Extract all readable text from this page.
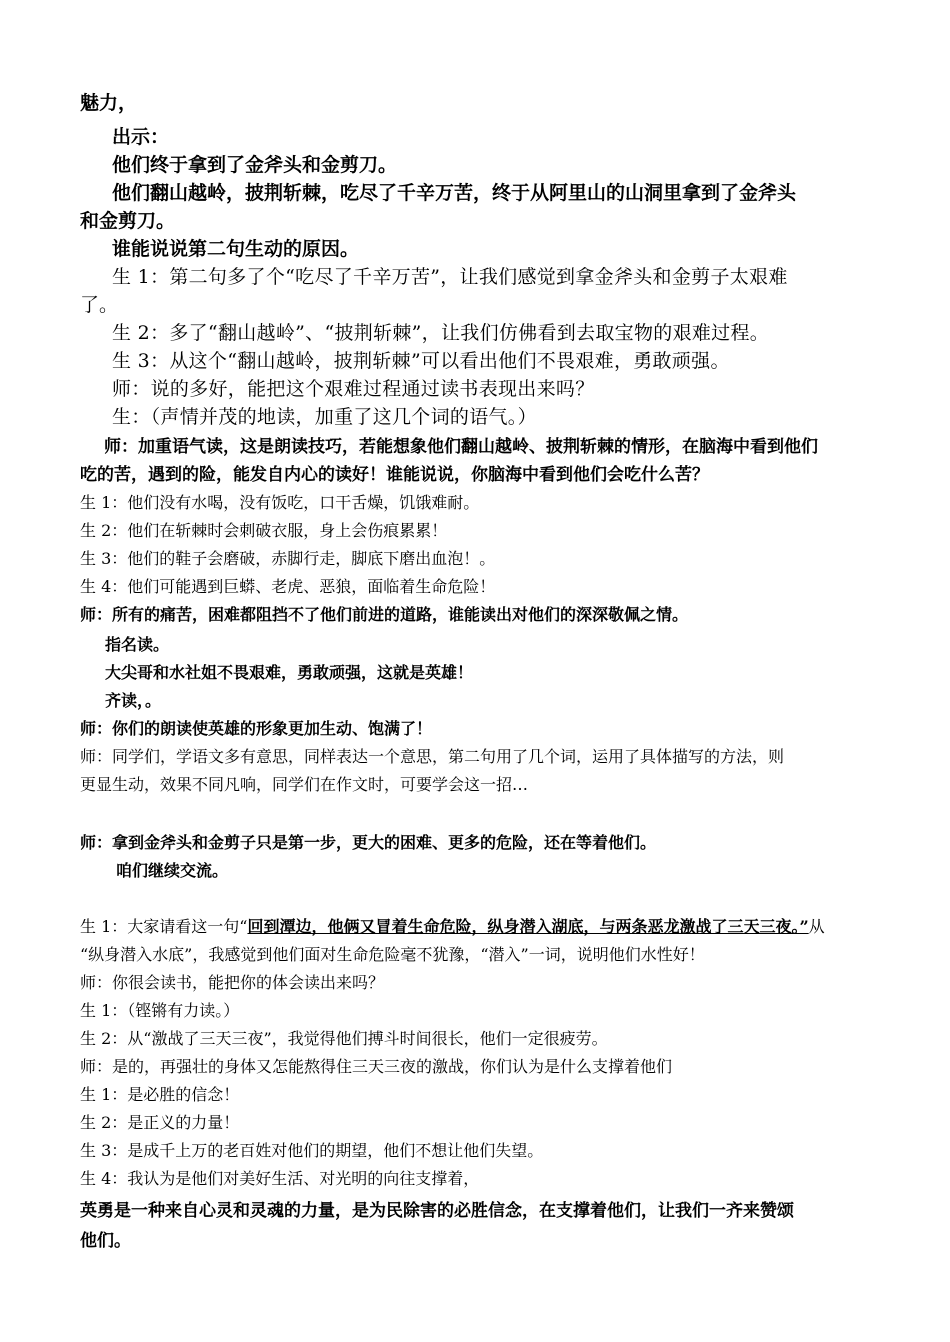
魅力，
出示：
他们终于拿到了金斧头和金剪刀。
他们翻山越岭，披荆斩棘，吃尽了千辛万苦，终于从阿里山的山洞里拿到了金斧头
和金剪刀。
谁能说说第二句生动的原因。
生 1：第二句多了个“吃尽了千辛万苦”，让我们感觉到拿金斧头和金剪子太艰难
了。
生 2：多了“翻山越岭”、“披荆斩棘”，让我们仿佛看到去取宝物的艰难过程。
生 3：从这个“翻山越岭，披荆斩棘”可以看出他们不畏艰难，勇敢顽强。
师：说的多好，能把这个艰难过程通过读书表现出来吗？
生：（声情并茂的地读，加重了这几个词的语气。）
师：加重语气读，这是朗读技巧，若能想象他们翻山越岭、披荆斩棘的情形，在脑海中看到他们
吃的苦，遇到的险，能发自内心的读好！谁能说说，你脑海中看到他们会吃什么苦？
生 1：他们没有水喝，没有饭吃，口干舌燥，饥饿难耐。
生 2：他们在斩棘时会刺破衣服，身上会伤痕累累！
生 3：他们的鞋子会磨破，赤脚行走，脚底下磨出血泡！。
生 4：他们可能遇到巨蟒、老虎、恶狼，面临着生命危险！
师：所有的痛苦，困难都阻挡不了他们前进的道路，谁能读出对他们的深深敬佩之情。
指名读。
大尖哥和水社姐不畏艰难，勇敢顽强，这就是英雄！
齐读，。
师：你们的朗读使英雄的形象更加生动、饱满了！
师：同学们，学语文多有意思，同样表达一个意思，第二句用了几个词，运用了具体描写的方法，则
更显生动，效果不同凡响，同学们在作文时，可要学会这一招…
师：拿到金斧头和金剪子只是第一步，更大的困难、更多的危险，还在等着他们。
咱们继续交流。
生 1：大家请看这一句“回到潭边，他俩又冒着生命危险，纵身潜入湖底，与两条恶龙激战了三天三夜。”从
“纵身潜入水底”，我感觉到他们面对生命危险毫不犹豫，“潜入”一词，说明他们水性好！
师：你很会读书，能把你的体会读出来吗？
生 1：（铿锵有力读。）
生 2：从“激战了三天三夜”，我觉得他们搏斗时间很长，他们一定很疲劳。
师：是的，再强壮的身体又怎能熬得住三天三夜的激战，你们认为是什么支撑着他们
生 1：是必胜的信念！
生 2：是正义的力量！
生 3：是成千上万的老百姓对他们的期望，他们不想让他们失望。
生 4：我认为是他们对美好生活、对光明的向往支撑着，
英勇是一种来自心灵和灵魂的力量，是为民除害的必胜信念，在支撑着他们，让我们一齐来赞颂
他们。
